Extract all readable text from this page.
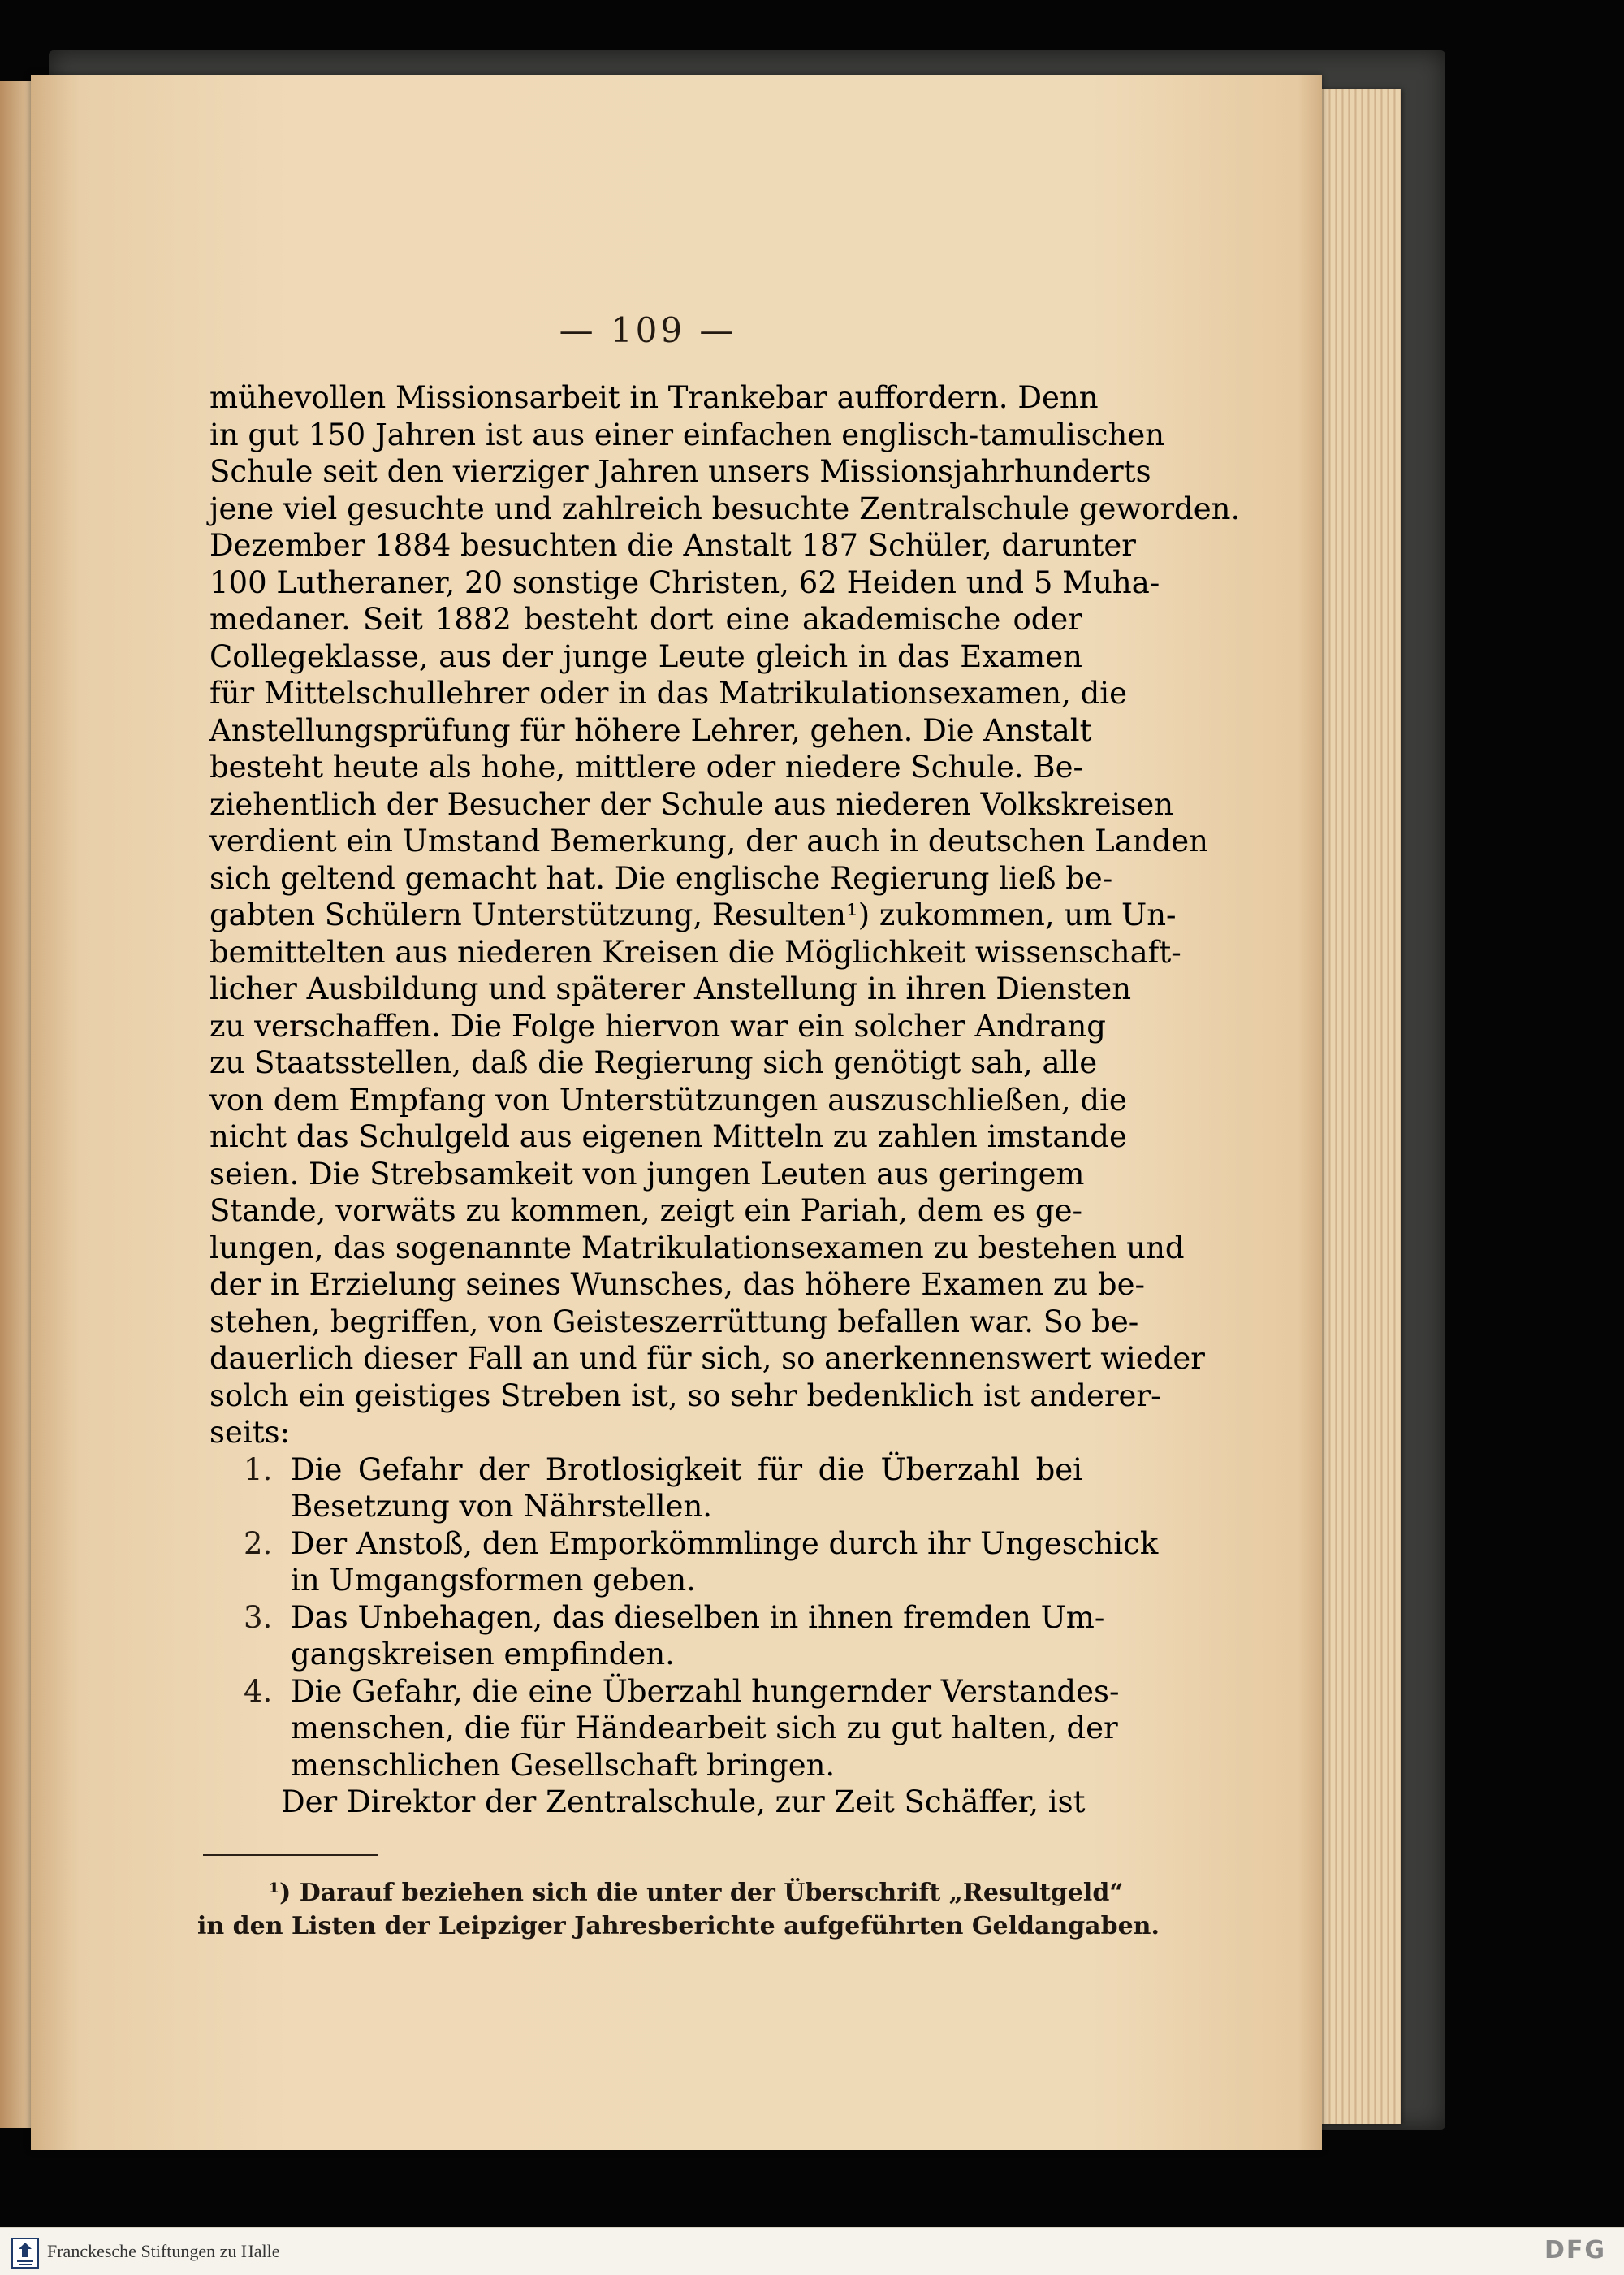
— 109 —
mühevollen Missionsarbeit in Trankebar auffordern. Denn
in gut 150 Jahren ist aus einer einfachen englisch-tamulischen
Schule seit den vierziger Jahren unsers Missionsjahrhunderts
jene viel gesuchte und zahlreich besuchte Zentralschule geworden.
Dezember 1884 besuchten die Anstalt 187 Schüler, darunter
100 Lutheraner, 20 sonstige Christen, 62 Heiden und 5 Muha-
medaner. Seit 1882 besteht dort eine akademische oder
Collegeklasse, aus der junge Leute gleich in das Examen
für Mittelschullehrer oder in das Matrikulationsexamen, die
Anstellungsprüfung für höhere Lehrer, gehen. Die Anstalt
besteht heute als hohe, mittlere oder niedere Schule. Be-
ziehentlich der Besucher der Schule aus niederen Volkskreisen
verdient ein Umstand Bemerkung, der auch in deutschen Landen
sich geltend gemacht hat. Die englische Regierung ließ be-
gabten Schülern Unterstützung, Resulten¹) zukommen, um Un-
bemittelten aus niederen Kreisen die Möglichkeit wissenschaft-
licher Ausbildung und späterer Anstellung in ihren Diensten
zu verschaffen. Die Folge hiervon war ein solcher Andrang
zu Staatsstellen, daß die Regierung sich genötigt sah, alle
von dem Empfang von Unterstützungen auszuschließen, die
nicht das Schulgeld aus eigenen Mitteln zu zahlen imstande
seien. Die Strebsamkeit von jungen Leuten aus geringem
Stande, vorwäts zu kommen, zeigt ein Pariah, dem es ge-
lungen, das sogenannte Matrikulationsexamen zu bestehen und
der in Erzielung seines Wunsches, das höhere Examen zu be-
stehen, begriffen, von Geisteszerrüttung befallen war. So be-
dauerlich dieser Fall an und für sich, so anerkennenswert wieder
solch ein geistiges Streben ist, so sehr bedenklich ist anderer-
seits:
1. Die Gefahr der Brotlosigkeit für die Überzahl bei
Besetzung von Nährstellen.
2. Der Anstoß, den Emporkömmlinge durch ihr Ungeschick
in Umgangsformen geben.
3. Das Unbehagen, das dieselben in ihnen fremden Um-
gangskreisen empfinden.
4. Die Gefahr, die eine Überzahl hungernder Verstandes-
menschen, die für Händearbeit sich zu gut halten, der
menschlichen Gesellschaft bringen.
Der Direktor der Zentralschule, zur Zeit Schäffer, ist
¹) Darauf beziehen sich die unter der Überschrift „Resultgeld“
in den Listen der Leipziger Jahresberichte aufgeführten Geldangaben.
Franckesche Stiftungen zu Halle	DFG
